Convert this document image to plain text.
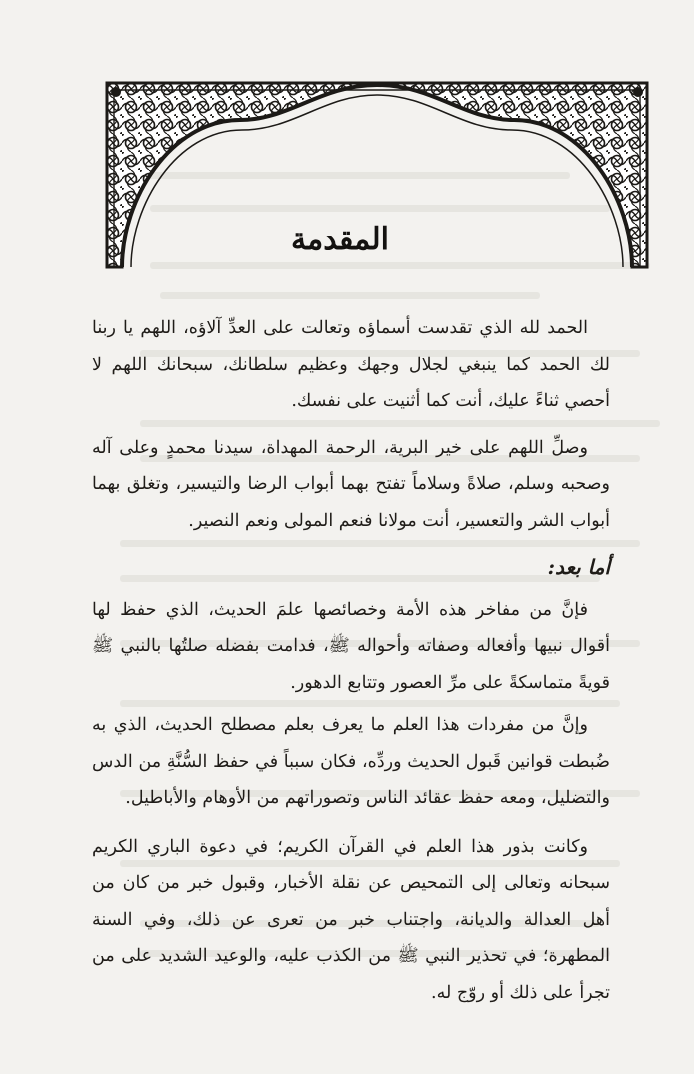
المقدمة

الحمد لله الذي تقدست أسماؤه وتعالت على العدِّ آلاؤه، اللهم يا ربنا لك الحمد كما ينبغي لجلال وجهك وعظيم سلطانك، سبحانك اللهم لا أحصي ثناءً عليك، أنت كما أثنيت على نفسك.

وصلِّ اللهم على خير البرية، الرحمة المهداة، سيدنا محمدٍ وعلى آله وصحبه وسلم، صلاةً وسلاماً تفتح بهما أبواب الرضا والتيسير، وتغلق بهما أبواب الشر والتعسير، أنت مولانا فنعم المولى ونعم النصير.

أما بعد:

فإنَّ من مفاخر هذه الأمة وخصائصها علمَ الحديث، الذي حفظ لها أقوال نبيها وأفعاله وصفاته وأحواله ﷺ، فدامت بفضله صلتُها بالنبي ﷺ قويةً متماسكةً على مرِّ العصور وتتابع الدهور.

وإنَّ من مفردات هذا العلم ما يعرف بعلم مصطلح الحديث، الذي به ضُبطت قوانين قَبول الحديث وردِّه، فكان سبباً في حفظ السُّنَّةِ من الدس والتضليل، ومعه حفظ عقائد الناس وتصوراتهم من الأوهام والأباطيل.

وكانت بذور هذا العلم في القرآن الكريم؛ في دعوة الباري الكريم سبحانه وتعالى إلى التمحيص عن نقلة الأخبار، وقبول خبر من كان من أهل العدالة والديانة، واجتناب خبر من تعرى عن ذلك، وفي السنة المطهرة؛ في تحذير النبي ﷺ من الكذب عليه، والوعيد الشديد على من تجرأ على ذلك أو روّج له.
